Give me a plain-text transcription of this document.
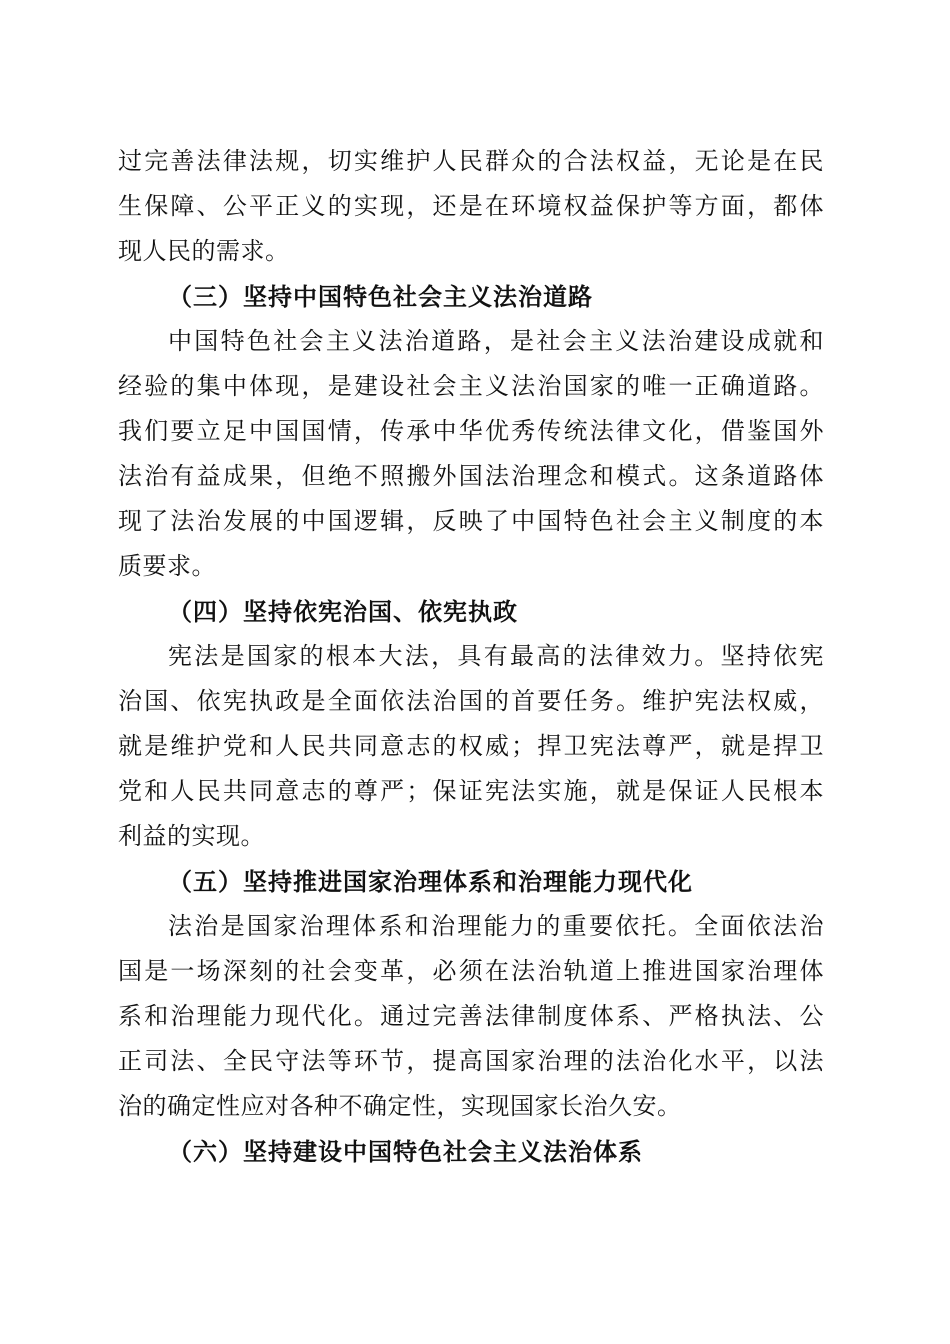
过完善法律法规，切实维护人民群众的合法权益，无论是在民
生保障、公平正义的实现，还是在环境权益保护等方面，都体
现人民的需求。
（三）坚持中国特色社会主义法治道路
中国特色社会主义法治道路，是社会主义法治建设成就和
经验的集中体现，是建设社会主义法治国家的唯一正确道路。
我们要立足中国国情，传承中华优秀传统法律文化，借鉴国外
法治有益成果，但绝不照搬外国法治理念和模式。这条道路体
现了法治发展的中国逻辑，反映了中国特色社会主义制度的本
质要求。
（四）坚持依宪治国、依宪执政
宪法是国家的根本大法，具有最高的法律效力。坚持依宪
治国、依宪执政是全面依法治国的首要任务。维护宪法权威，
就是维护党和人民共同意志的权威；捍卫宪法尊严，就是捍卫
党和人民共同意志的尊严；保证宪法实施，就是保证人民根本
利益的实现。
（五）坚持推进国家治理体系和治理能力现代化
法治是国家治理体系和治理能力的重要依托。全面依法治
国是一场深刻的社会变革，必须在法治轨道上推进国家治理体
系和治理能力现代化。通过完善法律制度体系、严格执法、公
正司法、全民守法等环节，提高国家治理的法治化水平，以法
治的确定性应对各种不确定性，实现国家长治久安。
（六）坚持建设中国特色社会主义法治体系
